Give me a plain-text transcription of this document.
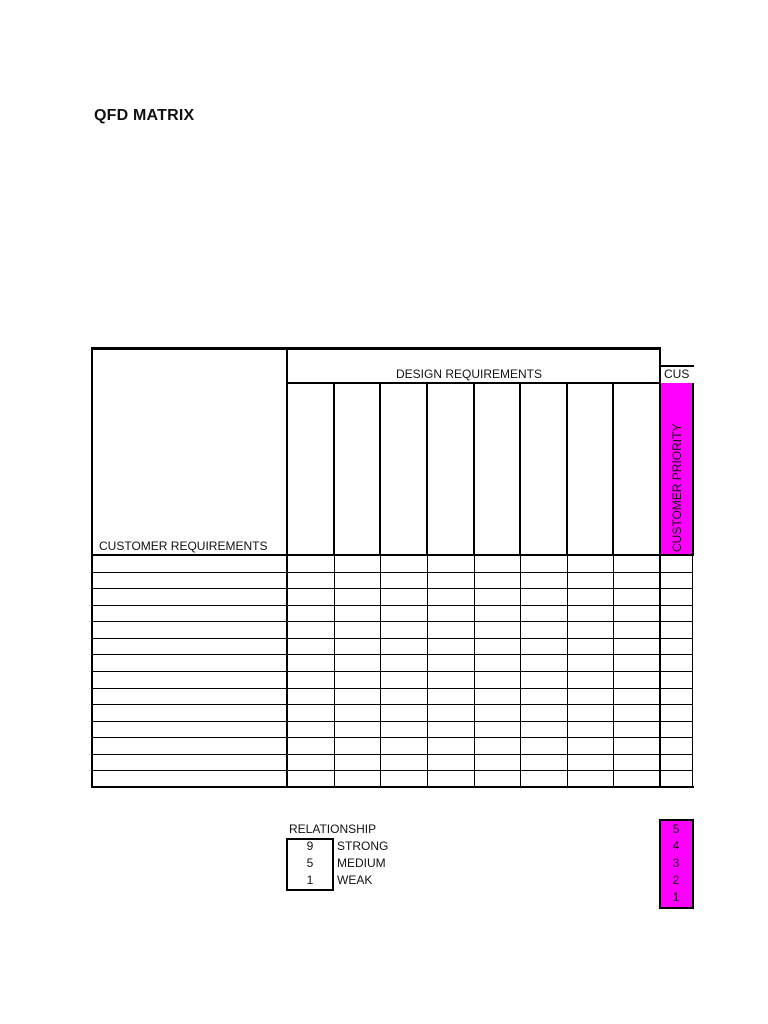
QFD MATRIX
DESIGN REQUIREMENTS
CUSTOMER REQUIREMENTS
CUS
CUSTOMER PRIORITY
RELATIONSHIP
9	STRONG
5	MEDIUM
1	WEAK
5
4
3
2
1
